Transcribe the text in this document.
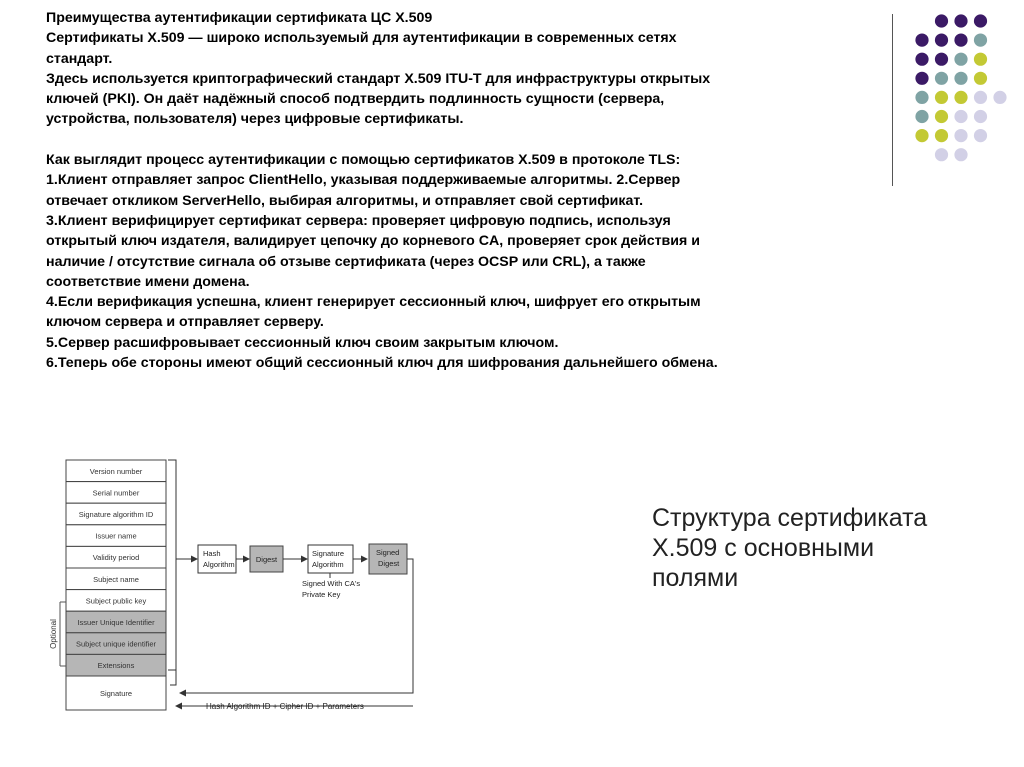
Преимущества аутентификации сертификата ЦС X.509
Сертификаты X.509 — широко используемый для аутентификации в современных сетях
стандарт.
Здесь используется криптографический стандарт X.509 ITU-T для инфраструктуры открытых
ключей (PKI). Он даёт надёжный способ подтвердить подлинность сущности (сервера,
устройства, пользователя) через цифровые сертификаты.
Как выглядит процесс аутентификации с помощью сертификатов X.509 в протоколе TLS:
1.Клиент отправляет запрос ClientHello, указывая поддерживаемые алгоритмы. 2.Сервер
отвечает откликом ServerHello, выбирая алгоритмы, и отправляет свой сертификат.
3.Клиент верифицирует сертификат сервера: проверяет цифровую подпись, используя
открытый ключ издателя, валидирует цепочку до корневого CA, проверяет срок действия и
наличие / отсутствие сигнала об отзыве сертификата (через OCSP или CRL), а также
соответствие имени домена.
4.Если верификация успешна, клиент генерирует сессионный ключ, шифрует его открытым
ключом сервера и отправляет серверу.
5.Сервер расшифровывает сессионный ключ своим закрытым ключом.
6.Теперь обе стороны имеют общий сессионный ключ для шифрования дальнейшего обмена.
Version number
Serial number
Signature algorithm ID
Issuer name
Validity period
Subject name
Subject public key
Issuer Unique Identifier
Subject unique identifier
Extensions
Signature
Optional
Hash
Algorithm
Digest
Signature
Algorithm
Signed With CA's
Private Key
Signed
Digest
Hash Algorithm ID + Cipher ID + Parameters
Структура сертификата
X.509 с основными
полями
